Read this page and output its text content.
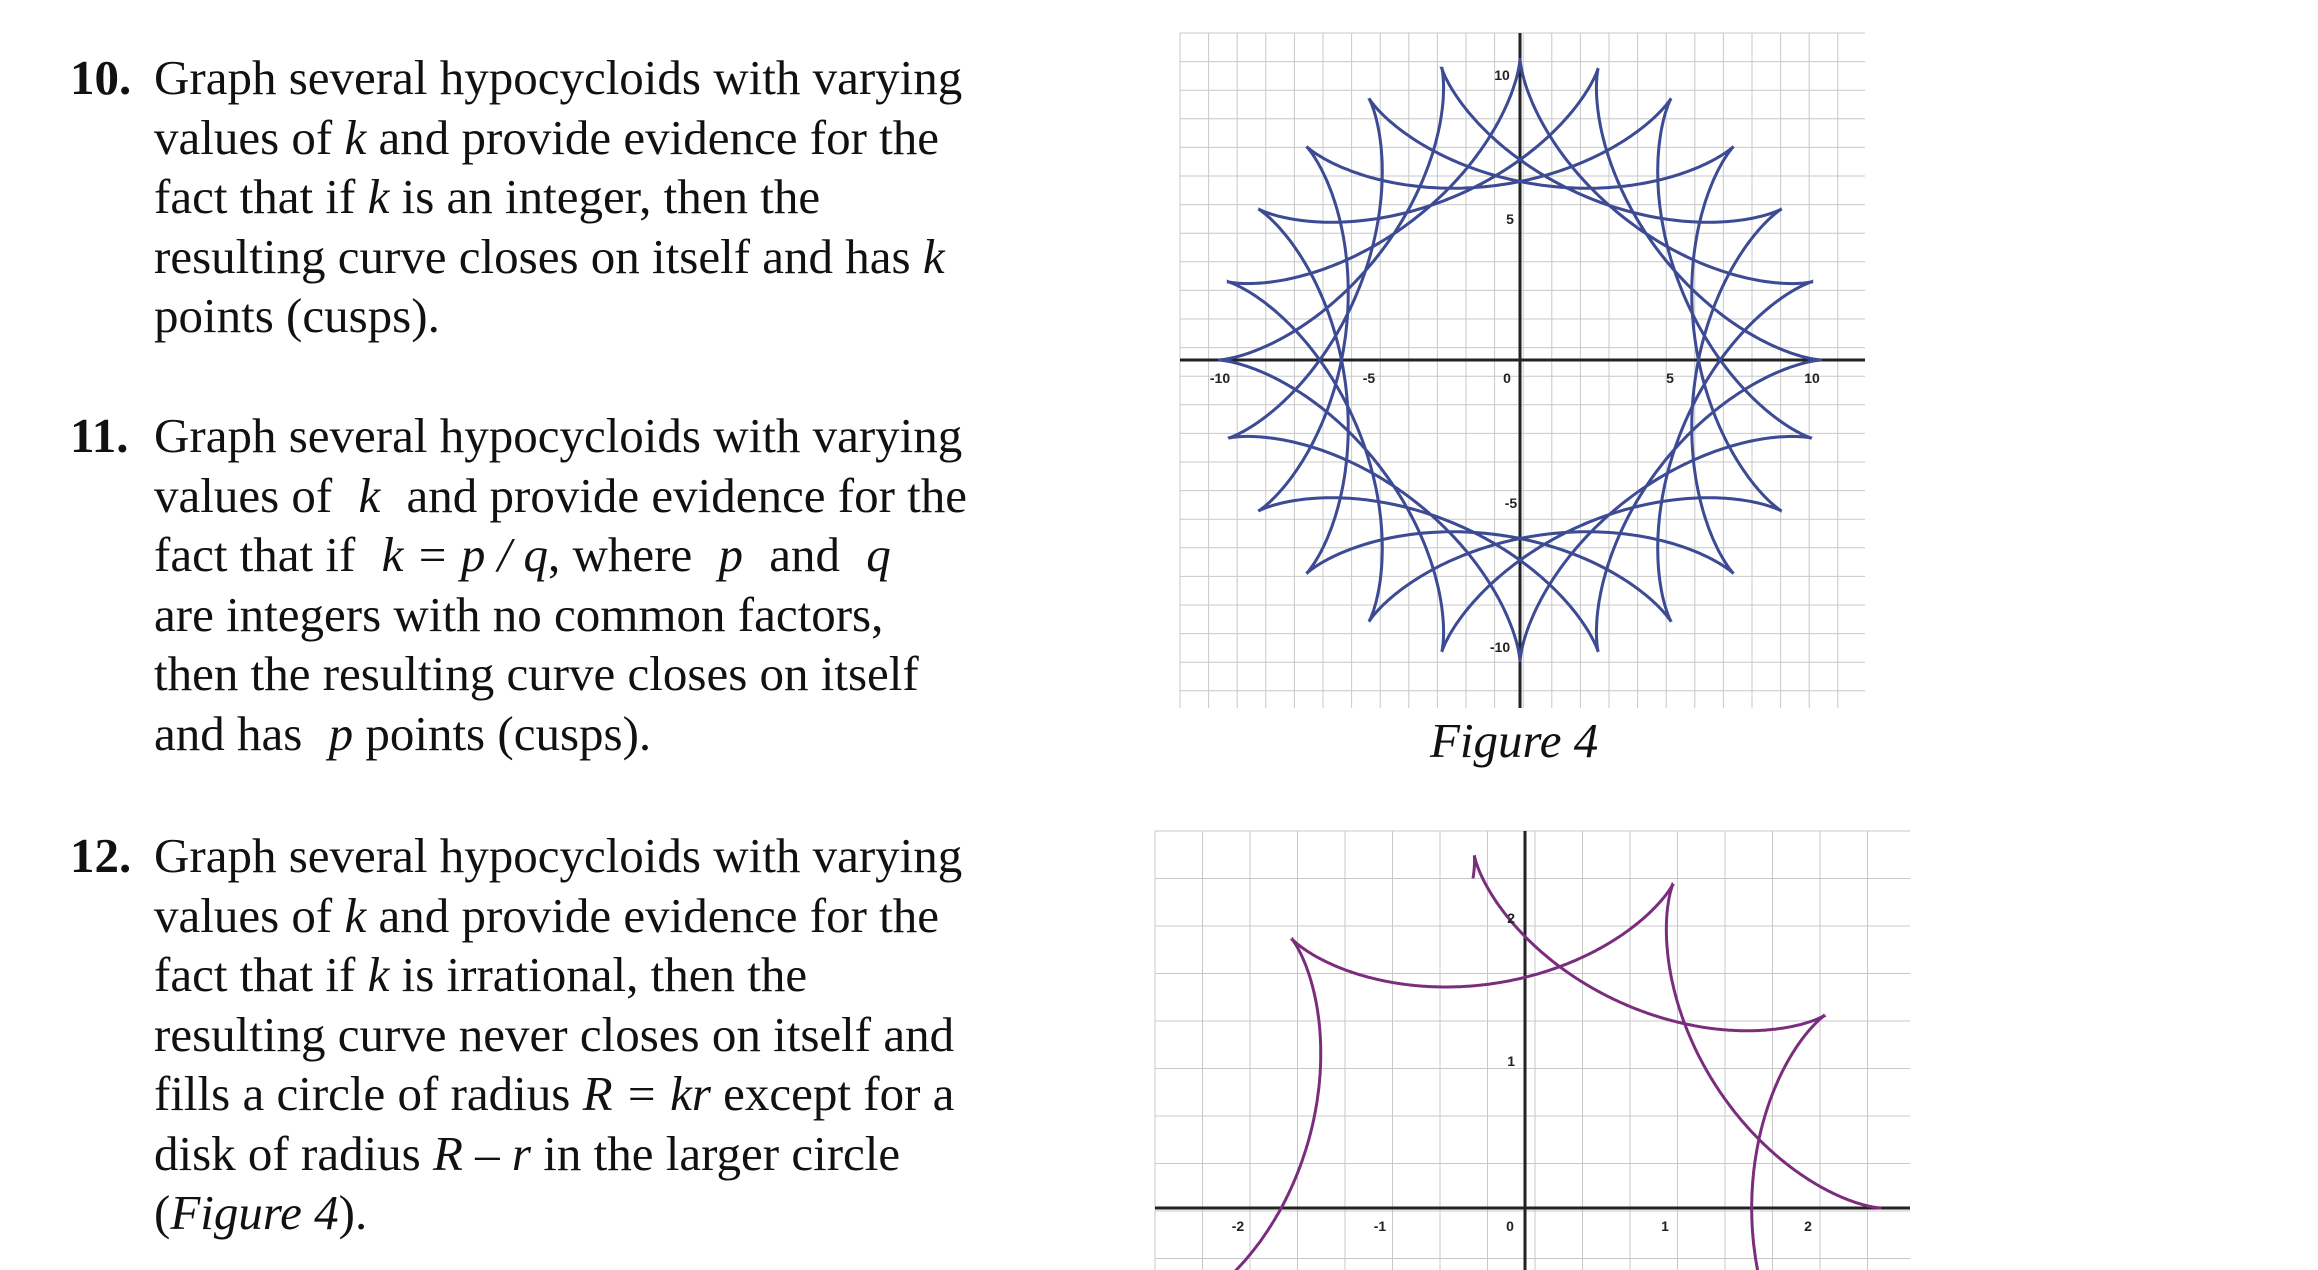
10. Graph several hypocycloids with varying
values of k and provide evidence for the
fact that if k is an integer, then the
resulting curve closes on itself and has k
points (cusps).
11. Graph several hypocycloids with varying
values of k and provide evidence for the
fact that if k = p / q, where p and q
are integers with no common factors,
then the resulting curve closes on itself
and has p points (cusps).
12. Graph several hypocycloids with varying
values of k and provide evidence for the
fact that if k is irrational, then the
resulting curve never closes on itself and
fills a circle of radius R = kr except for a
disk of radius R – r in the larger circle
(Figure 4).
-10	-5	0	5	10
10
5
-5
-10
Figure 4
-2	-1	0	1	2
1
2
